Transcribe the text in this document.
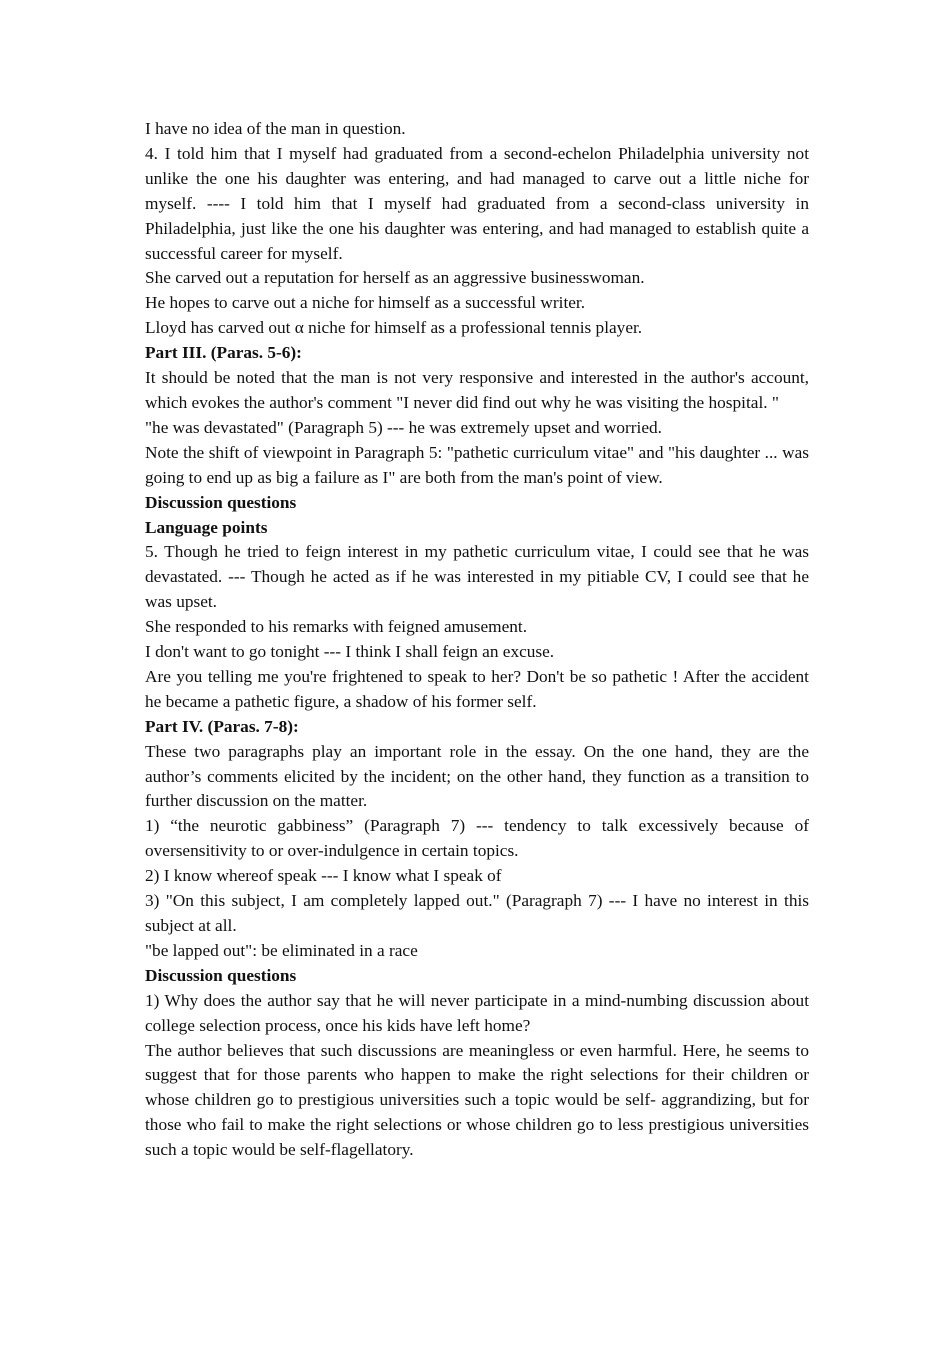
I have no idea of the man in question.

4. I told him that I myself had graduated from a second-echelon Philadelphia university not unlike the one his daughter was entering, and had managed to carve out a little niche for myself. ---- I told him that I myself had graduated from a second-class university in Philadelphia, just like the one his daughter was entering, and had managed to establish quite a successful career for myself.

She carved out a reputation for herself as an aggressive businesswoman.

He hopes to carve out a niche for himself as a successful writer.

Lloyd has carved out α niche for himself as a professional tennis player.

Part III. (Paras. 5-6):

It should be noted that the man is not very responsive and interested in the author's account, which evokes the author's comment "I never did find out why he was visiting the hospital. "

"he was devastated" (Paragraph 5) --- he was extremely upset and worried.

Note the shift of viewpoint in Paragraph 5: "pathetic curriculum vitae" and "his daughter ... was going to end up as big a failure as I" are both from the man's point of view.

Discussion questions

Language points

5. Though he tried to feign interest in my pathetic curriculum vitae, I could see that he was devastated. --- Though he acted as if he was interested in my pitiable CV, I could see that he was upset.

She responded to his remarks with feigned amusement.

I don't want to go tonight --- I think I shall feign an excuse.

Are you telling me you're frightened to speak to her? Don't be so pathetic ! After the accident he became a pathetic figure, a shadow of his former self.

Part IV. (Paras. 7-8):

These two paragraphs play an important role in the essay. On the one hand, they are the author’s comments elicited by the incident; on the other hand, they function as a transition to further discussion on the matter.

1) “the neurotic gabbiness” (Paragraph 7) --- tendency to talk excessively because of oversensitivity to or over-indulgence in certain topics.

2) I know whereof speak --- I know what I speak of

3) "On this subject, I am completely lapped out." (Paragraph 7) --- I have no interest in this subject at all.

"be lapped out": be eliminated in a race

Discussion questions

1) Why does the author say that he will never participate in a mind-numbing discussion about college selection process, once his kids have left home?

The author believes that such discussions are meaningless or even harmful. Here, he seems to suggest that for those parents who happen to make the right selections for their children or whose children go to prestigious universities such a topic would be self- aggrandizing, but for those who fail to make the right selections or whose children go to less prestigious universities such a topic would be self-flagellatory.
